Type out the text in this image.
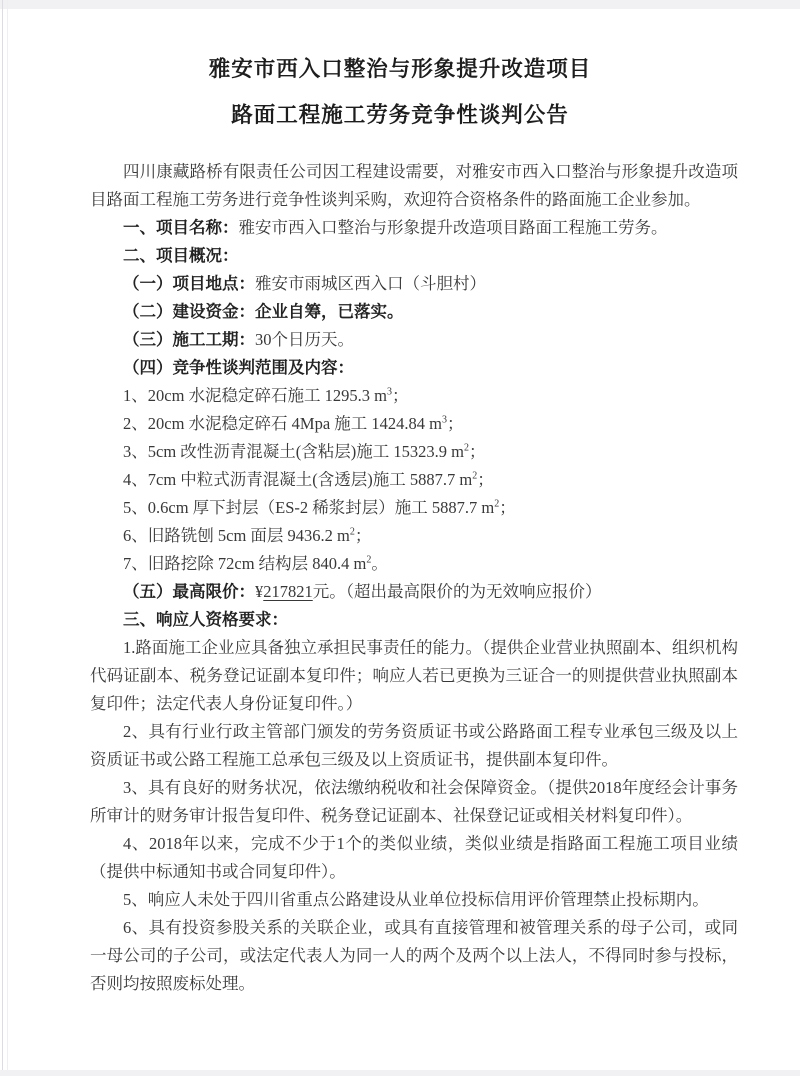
雅安市西入口整治与形象提升改造项目
路面工程施工劳务竞争性谈判公告

四川康藏路桥有限责任公司因工程建设需要，对雅安市西入口整治与形象提升改造项目路面工程施工劳务进行竞争性谈判采购，欢迎符合资格条件的路面施工企业参加。

一、项目名称：雅安市西入口整治与形象提升改造项目路面工程施工劳务。

二、项目概况：

（一）项目地点：雅安市雨城区西入口（斗胆村）

（二）建设资金：企业自筹，已落实。

（三）施工工期：30个日历天。

（四）竞争性谈判范围及内容：

1、20cm 水泥稳定碎石施工 1295.3 $m^3$；

2、20cm 水泥稳定碎石 4Mpa 施工 1424.84 $m^3$；

3、5cm 改性沥青混凝土(含粘层)施工 15323.9 $m^2$；

4、7cm 中粒式沥青混凝土(含透层)施工 5887.7 $m^2$；

5、0.6cm 厚下封层（ES-2 稀浆封层）施工 5887.7 $m^2$；

6、旧路铣刨 5cm 面层 9436.2 $m^2$；

7、旧路挖除 72cm 结构层 840.4 $m^2$。

（五）最高限价：¥217821元。（超出最高限价的为无效响应报价）

三、响应人资格要求：

1.路面施工企业应具备独立承担民事责任的能力。（提供企业营业执照副本、组织机构代码证副本、税务登记证副本复印件；响应人若已更换为三证合一的则提供营业执照副本复印件；法定代表人身份证复印件。）

2、具有行业行政主管部门颁发的劳务资质证书或公路路面工程专业承包三级及以上资质证书或公路工程施工总承包三级及以上资质证书，提供副本复印件。

3、具有良好的财务状况，依法缴纳税收和社会保障资金。（提供2018年度经会计事务所审计的财务审计报告复印件、税务登记证副本、社保登记证或相关材料复印件）。

4、2018年以来，完成不少于1个的类似业绩，类似业绩是指路面工程施工项目业绩（提供中标通知书或合同复印件）。

5、响应人未处于四川省重点公路建设从业单位投标信用评价管理禁止投标期内。

6、具有投资参股关系的关联企业，或具有直接管理和被管理关系的母子公司，或同一母公司的子公司，或法定代表人为同一人的两个及两个以上法人，不得同时参与投标，否则均按照废标处理。
